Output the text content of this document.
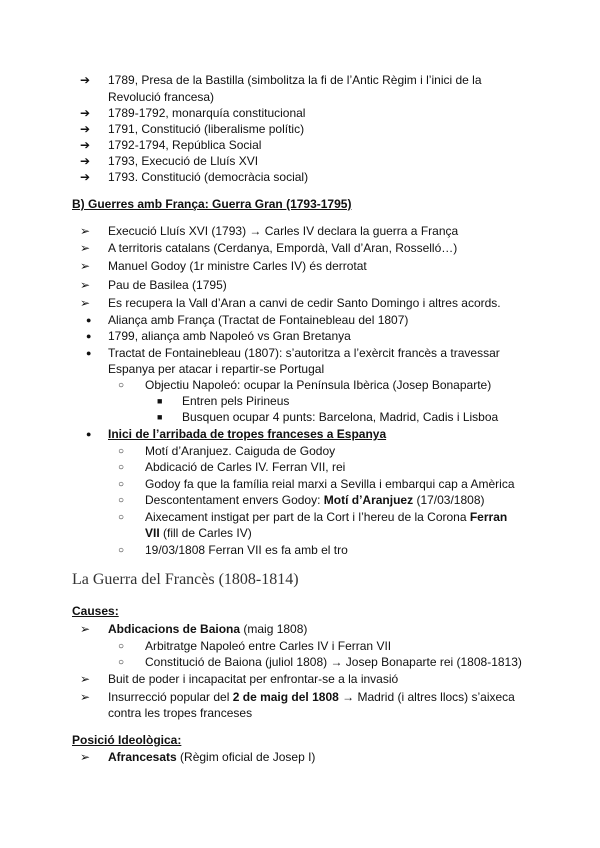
➔ 1789, Presa de la Bastilla (simbolitza la fi de l’Antic Règim i l’inici de la Revolució francesa)
➔ 1789-1792, monarquía constitucional
➔ 1791, Constitució (liberalisme polític)
➔ 1792-1794, República Social
➔ 1793, Execució de Lluís XVI
➔ 1793. Constitució (democràcia social)
B) Guerres amb França: Guerra Gran (1793-1795)
➢ Execució Lluís XVI (1793) → Carles IV declara la guerra a França
➢ A territoris catalans (Cerdanya, Empordà, Vall d’Aran, Rosselló…)
➢ Manuel Godoy (1r ministre Carles IV) és derrotat
➢ Pau de Basilea (1795)
➢ Es recupera la Vall d’Aran a canvi de cedir Santo Domingo i altres acords.
● Aliança amb França (Tractat de Fontainebleau del 1807)
● 1799, aliança amb Napoleó vs Gran Bretanya
● Tractat de Fontainebleau (1807): s’autoritza a l’exèrcit francès a travessar
Espanya per atacar i repartir-se Portugal
○ Objectiu Napoleó: ocupar la Península Ibèrica (Josep Bonaparte)
■ Entren pels Pirineus
■ Busquen ocupar 4 punts: Barcelona, Madrid, Cadis i Lisboa
● Inici de l’arribada de tropes franceses a Espanya
○ Motí d’Aranjuez. Caiguda de Godoy
○ Abdicació de Carles IV. Ferran VII, rei
○ Godoy fa que la família reial marxi a Sevilla i embarqui cap a Amèrica
○ Descontentament envers Godoy: Motí d’Aranjuez (17/03/1808)
○ Aixecament instigat per part de la Cort i l’hereu de la Corona Ferran
VII (fill de Carles IV)
○ 19/03/1808 Ferran VII es fa amb el tro
La Guerra del Francès (1808-1814)
Causes:
➢ Abdicacions de Baiona (maig 1808)
○ Arbitratge Napoleó entre Carles IV i Ferran VII
○ Constitució de Baiona (juliol 1808) → Josep Bonaparte rei (1808-1813)
➢ Buit de poder i incapacitat per enfrontar-se a la invasió
➢ Insurrecció popular del 2 de maig del 1808 → Madrid (i altres llocs) s’aixeca
contra les tropes franceses
Posició Ideològica:
➢ Afrancesats (Règim oficial de Josep I)
